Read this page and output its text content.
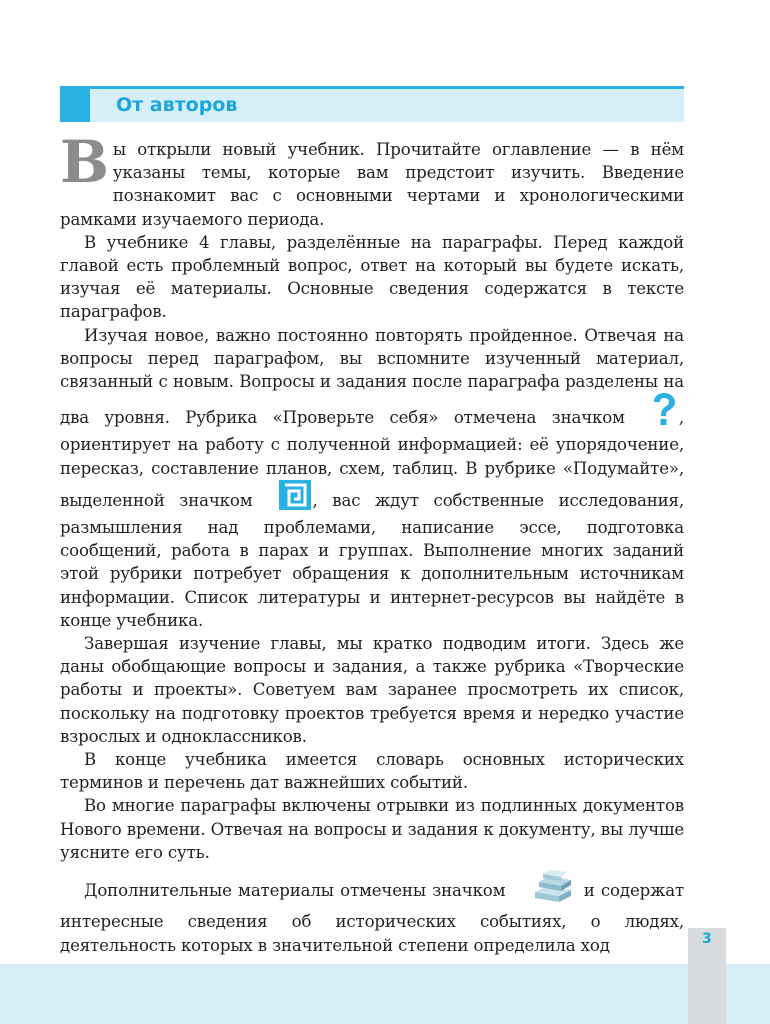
От авторов

Вы открыли новый учебник. Прочитайте оглавление — в нём указаны темы, которые вам предстоит изучить. Введение познакомит вас с основными чертами и хронологическими рамками изучаемого периода.

В учебнике 4 главы, разделённые на параграфы. Перед каждой главой есть проблемный вопрос, ответ на который вы будете искать, изучая её материалы. Основные сведения содержатся в тексте параграфов.

Изучая новое, важно постоянно повторять пройденное. Отвечая на вопросы перед параграфом, вы вспомните изученный материал, связанный с новым. Вопросы и задания после параграфа разделены на два уровня. Рубрика «Проверьте себя» отмечена значком	, ориентирует на работу с полученной информацией: её упорядочение, пересказ, составление планов, схем, таблиц. В рубрике «Подумайте», выделенной значком	, вас ждут собственные исследования, размышления над проблемами, написание эссе, подготовка сообщений, работа в парах и группах. Выполнение многих заданий этой рубрики потребует обращения к дополнительным источникам информации. Список литературы и интернет-ресурсов вы найдёте в конце учебника.

Завершая изучение главы, мы кратко подводим итоги. Здесь же даны обобщающие вопросы и задания, а также рубрика «Творческие работы и проекты». Советуем вам заранее просмотреть их список, поскольку на подготовку проектов требуется время и нередко участие взрослых и одноклассников.

В конце учебника имеется словарь основных исторических терминов и перечень дат важнейших событий.

Во многие параграфы включены отрывки из подлинных документов Нового времени. Отвечая на вопросы и задания к документу, вы лучше уясните его суть.

Дополнительные материалы отмечены значком	и содержат интересные сведения об исторических событиях, о людях, деятельность которых в значительной степени определила ход	3
